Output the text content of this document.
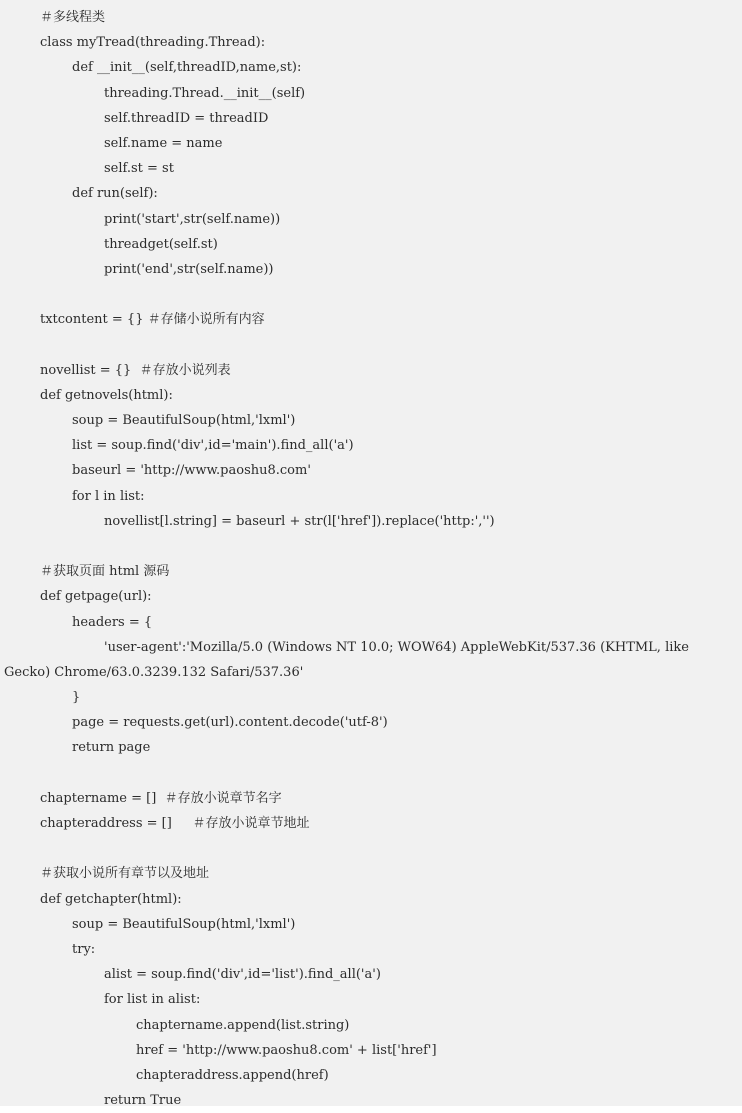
＃多线程类
class myTread(threading.Thread):
def __init__(self,threadID,name,st):
threading.Thread.__init__(self)
self.threadID = threadID
self.name = name
self.st = st
def run(self):
print('start',str(self.name))
threadget(self.st)
print('end',str(self.name))
txtcontent = {} ＃存储小说所有内容
novellist = {}  ＃存放小说列表
def getnovels(html):
soup = BeautifulSoup(html,'lxml')
list = soup.find('div',id='main').find_all('a')
baseurl = 'http://www.paoshu8.com'
for l in list:
novellist[l.string] = baseurl + str(l['href']).replace('http:','')
＃获取页面 html 源码
def getpage(url):
headers = {
'user-agent':'Mozilla/5.0 (Windows NT 10.0; WOW64) AppleWebKit/537.36 (KHTML, like
Gecko) Chrome/63.0.3239.132 Safari/537.36'
}
page = requests.get(url).content.decode('utf-8')
return page
chaptername = []  ＃存放小说章节名字
chapteraddress = []     ＃存放小说章节地址
＃获取小说所有章节以及地址
def getchapter(html):
soup = BeautifulSoup(html,'lxml')
try:
alist = soup.find('div',id='list').find_all('a')
for list in alist:
chaptername.append(list.string)
href = 'http://www.paoshu8.com' + list['href']
chapteraddress.append(href)
return True
